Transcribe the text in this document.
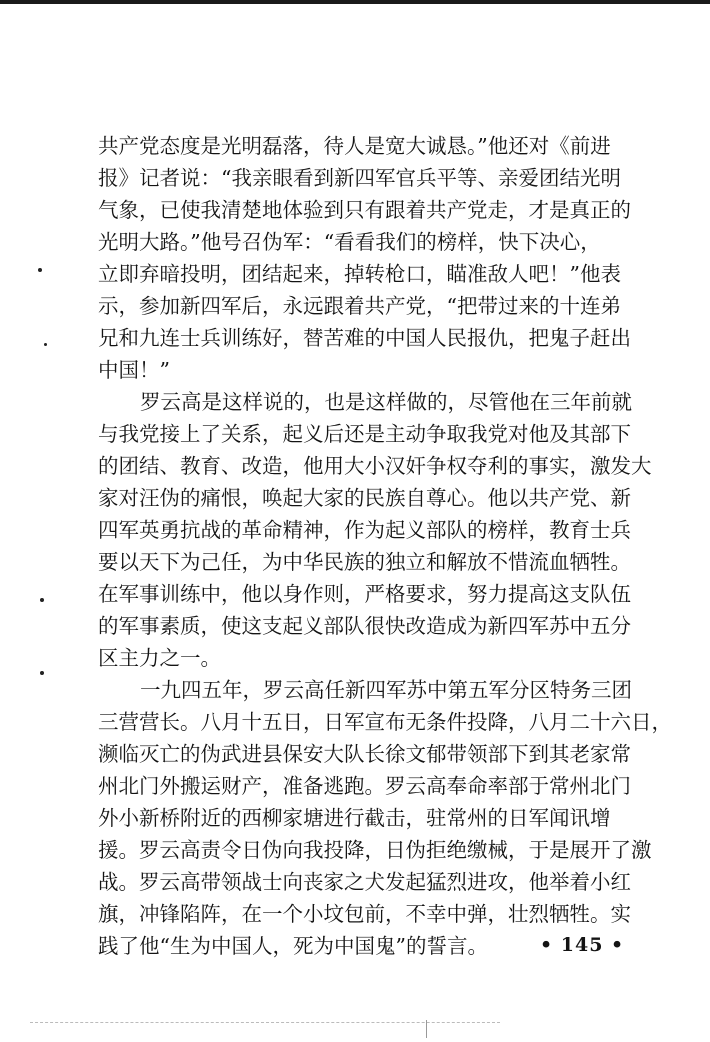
共产党态度是光明磊落，待人是宽大诚恳。”他还对《前进
报》记者说：“我亲眼看到新四军官兵平等、亲爱团结光明
气象，已使我清楚地体验到只有跟着共产党走，才是真正的
光明大路。”他号召伪军：“看看我们的榜样，快下决心，
立即弃暗投明，团结起来，掉转枪口，瞄准敌人吧！”他表
示，参加新四军后，永远跟着共产党，“把带过来的十连弟
兄和九连士兵训练好，替苦难的中国人民报仇，把鬼子赶出
中国！”
罗云高是这样说的，也是这样做的，尽管他在三年前就
与我党接上了关系，起义后还是主动争取我党对他及其部下
的团结、教育、改造，他用大小汉奸争权夺利的事实，激发大
家对汪伪的痛恨，唤起大家的民族自尊心。他以共产党、新
四军英勇抗战的革命精神，作为起义部队的榜样，教育士兵
要以天下为己任，为中华民族的独立和解放不惜流血牺牲。
在军事训练中，他以身作则，严格要求，努力提高这支队伍
的军事素质，使这支起义部队很快改造成为新四军苏中五分
区主力之一。
一九四五年，罗云高任新四军苏中第五军分区特务三团
三营营长。八月十五日，日军宣布无条件投降，八月二十六日，
濒临灭亡的伪武进县保安大队长徐文郁带领部下到其老家常
州北门外搬运财产，准备逃跑。罗云高奉命率部于常州北门
外小新桥附近的西柳家塘进行截击，驻常州的日军闻讯增
援。罗云高责令日伪向我投降，日伪拒绝缴械，于是展开了激
战。罗云高带领战士向丧家之犬发起猛烈进攻，他举着小红
旗，冲锋陷阵，在一个小坟包前，不幸中弹，壮烈牺牲。实
践了他“生为中国人，死为中国鬼”的誓言。	• 145 •
